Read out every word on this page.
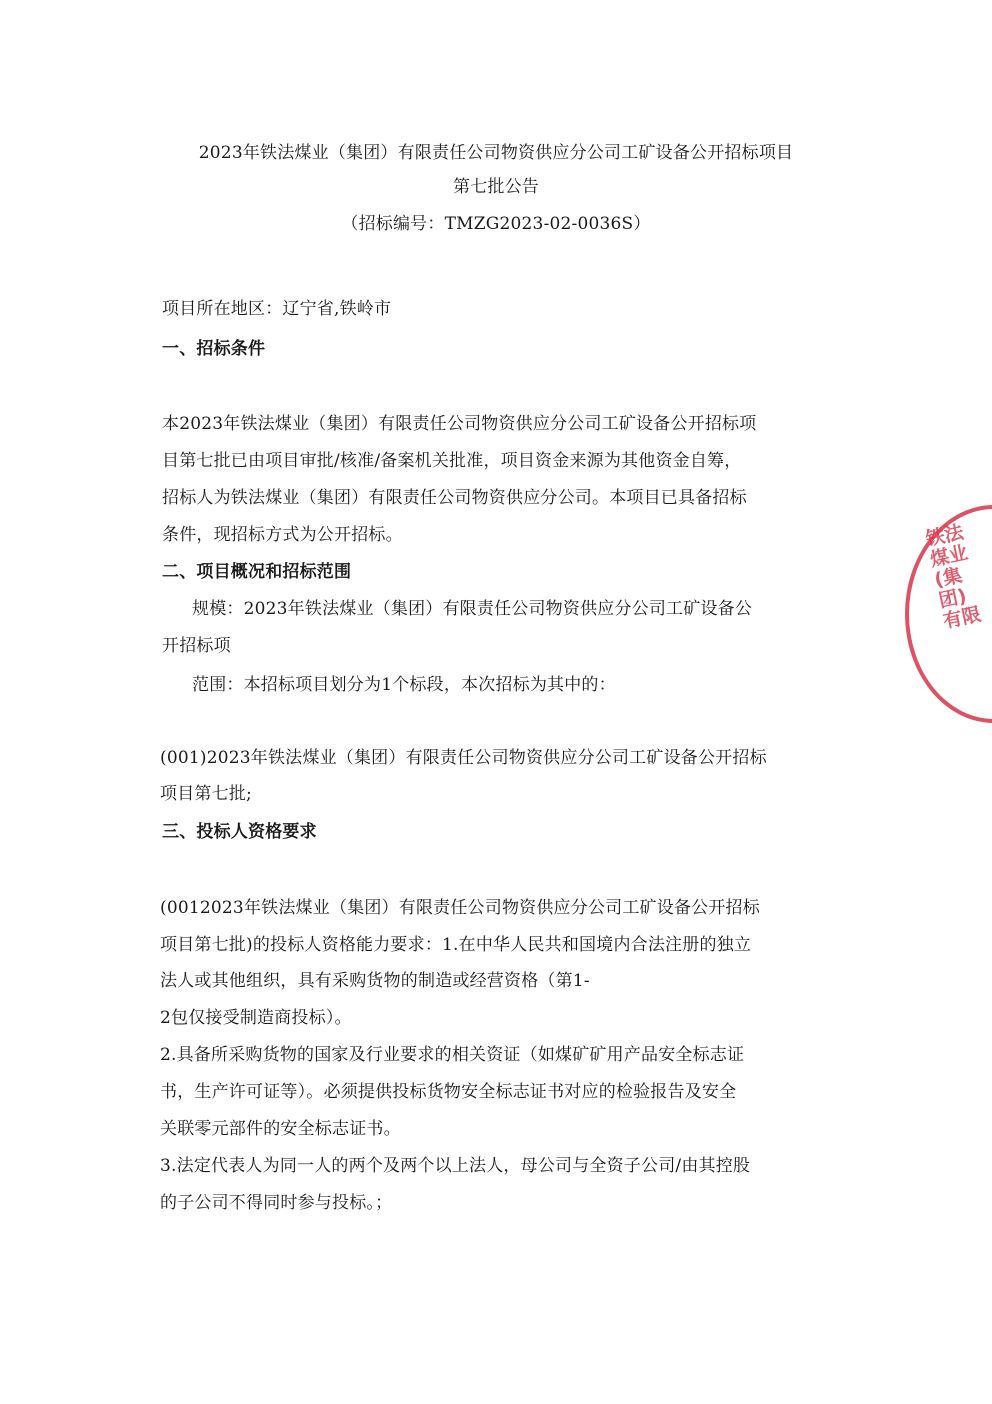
2023年铁法煤业（集团）有限责任公司物资供应分公司工矿设备公开招标项目
第七批公告
（招标编号：TMZG2023-02-0036S）
项目所在地区：辽宁省,铁岭市
一、招标条件
本2023年铁法煤业（集团）有限责任公司物资供应分公司工矿设备公开招标项
目第七批已由项目审批/核准/备案机关批准，项目资金来源为其他资金自筹，
招标人为铁法煤业（集团）有限责任公司物资供应分公司。本项目已具备招标
条件，现招标方式为公开招标。
二、项目概况和招标范围
规模：2023年铁法煤业（集团）有限责任公司物资供应分公司工矿设备公
开招标项
范围：本招标项目划分为1个标段，本次招标为其中的：
(001)2023年铁法煤业（集团）有限责任公司物资供应分公司工矿设备公开招标
项目第七批;
三、投标人资格要求
(0012023年铁法煤业（集团）有限责任公司物资供应分公司工矿设备公开招标
项目第七批)的投标人资格能力要求：1.在中华人民共和国境内合法注册的独立
法人或其他组织，具有采购货物的制造或经营资格（第1-
2包仅接受制造商投标）。
2.具备所采购货物的国家及行业要求的相关资证（如煤矿矿用产品安全标志证
书，生产许可证等）。必须提供投标货物安全标志证书对应的检验报告及安全
关联零元部件的安全标志证书。
3.法定代表人为同一人的两个及两个以上法人，母公司与全资子公司/由其控股
的子公司不得同时参与投标。；
铁法煤业(集团)有限
